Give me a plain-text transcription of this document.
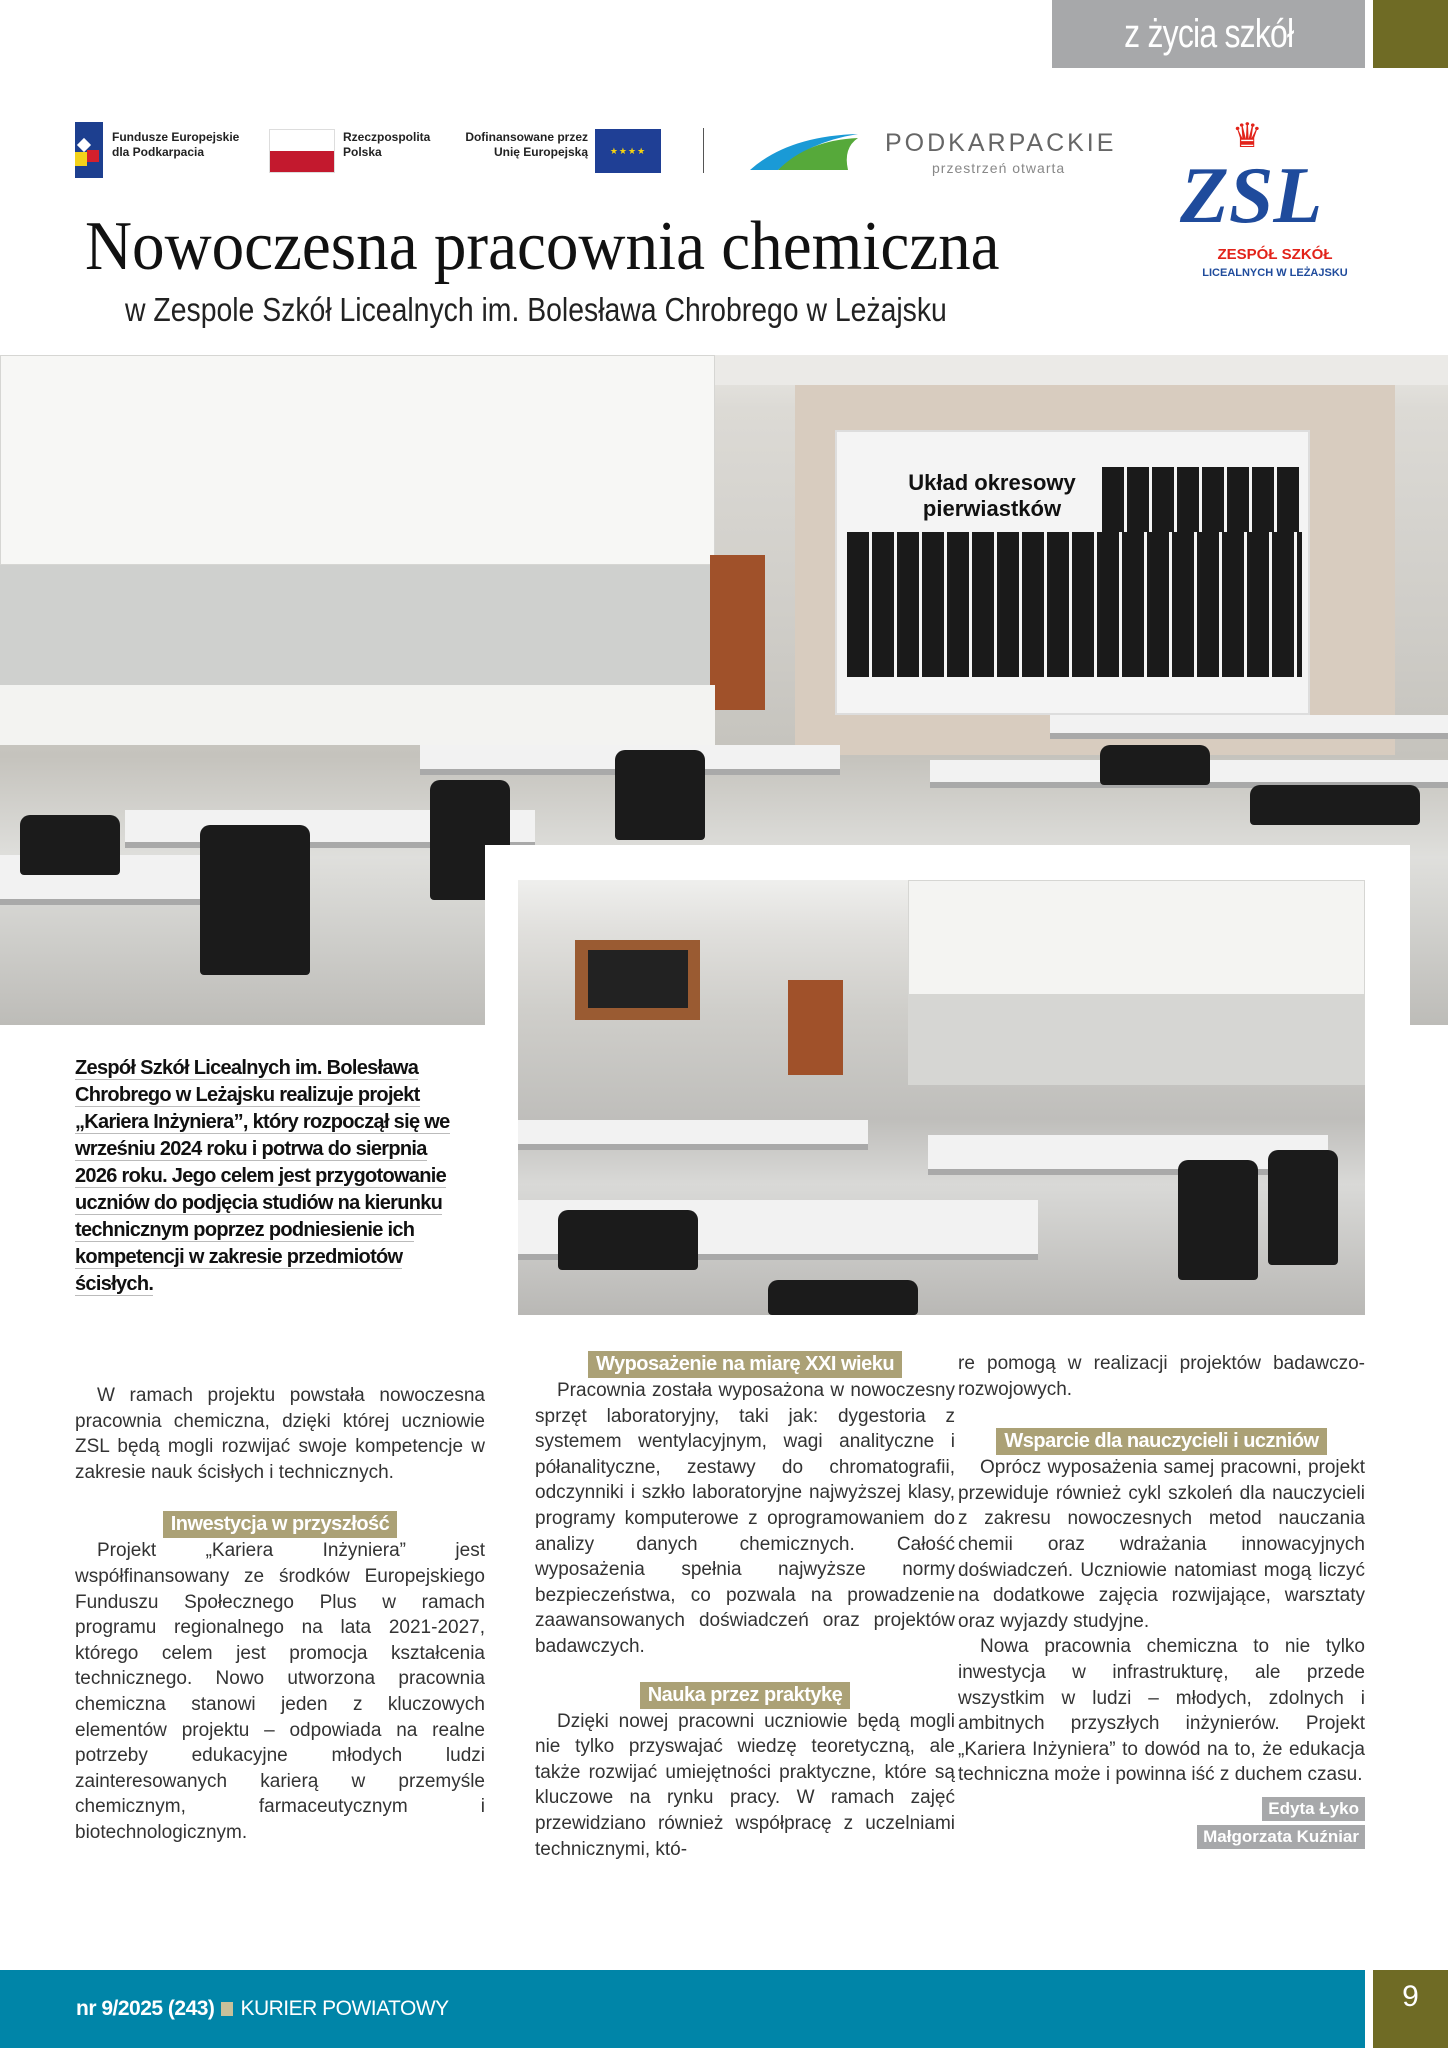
z życia szkół
Fundusze Europejskie dla Podkarpacia
Rzeczpospolita Polska
Dofinansowane przez Unię Europejską	★★★★	PODKARPACKIE
przestrzeń otwarta
♛
ZSL
ZESPÓŁ SZKÓŁ
LICEALNYCH W LEŻAJSKU
Nowoczesna pracownia chemiczna
w Zespole Szkół Licealnych im. Bolesława Chrobrego w Leżajsku
Układ okresowy pierwiastków
Zespół Szkół Licealnych im. Bolesława Chrobrego w Leżajsku realizuje projekt „Kariera Inżyniera”, który rozpoczął się we wrześniu 2024 roku i potrwa do sierpnia 2026 roku. Jego celem jest przygotowanie uczniów do podjęcia studiów na kierunku technicznym poprzez podniesienie ich kompetencji w zakresie przedmiotów ścisłych.

W ramach projektu powstała nowoczesna pracownia chemiczna, dzięki której uczniowie ZSL będą mogli rozwijać swoje kompetencje w zakresie nauk ścisłych i technicznych.

Inwestycja w przyszłość

Projekt „Kariera Inżyniera” jest współfinansowany ze środków Europejskiego Funduszu Społecznego Plus w ramach programu regionalnego na lata 2021-2027, którego celem jest promocja kształcenia technicznego. Nowo utworzona pracownia chemiczna stanowi jeden z kluczowych elementów projektu – odpowiada na realne potrzeby edukacyjne młodych ludzi zainteresowanych karierą w przemyśle chemicznym, farmaceutycznym i biotechnologicznym.

Wyposażenie na miarę XXI wieku

Pracownia została wyposażona w nowoczesny sprzęt laboratoryjny, taki jak: dygestoria z systemem wentylacyjnym, wagi analityczne i półanalityczne, zestawy do chromatografii, odczynniki i szkło laboratoryjne najwyższej klasy, programy komputerowe z oprogramowaniem do analizy danych chemicznych. Całość wyposażenia spełnia najwyższe normy bezpieczeństwa, co pozwala na prowadzenie zaawansowanych doświadczeń oraz projektów badawczych.

Nauka przez praktykę

Dzięki nowej pracowni uczniowie będą mogli nie tylko przyswajać wiedzę teoretyczną, ale także rozwijać umiejętności praktyczne, które są kluczowe na rynku pracy. W ramach zajęć przewidziano również współpracę z uczelniami technicznymi, któ-

re pomogą w realizacji projektów badawczo-rozwojowych.

Wsparcie dla nauczycieli i uczniów

Oprócz wyposażenia samej pracowni, projekt przewiduje również cykl szkoleń dla nauczycieli z zakresu nowoczesnych metod nauczania chemii oraz wdrażania innowacyjnych doświadczeń. Uczniowie natomiast mogą liczyć na dodatkowe zajęcia rozwijające, warsztaty oraz wyjazdy studyjne.

Nowa pracownia chemiczna to nie tylko inwestycja w infrastrukturę, ale przede wszystkim w ludzi – młodych, zdolnych i ambitnych przyszłych inżynierów. Projekt „Kariera Inżyniera” to dowód na to, że edukacja techniczna może i powinna iść z duchem czasu.

Edyta Łyko
Małgorzata Kuźniar
nr 9/2025 (243) KURIER POWIATOWY	9
